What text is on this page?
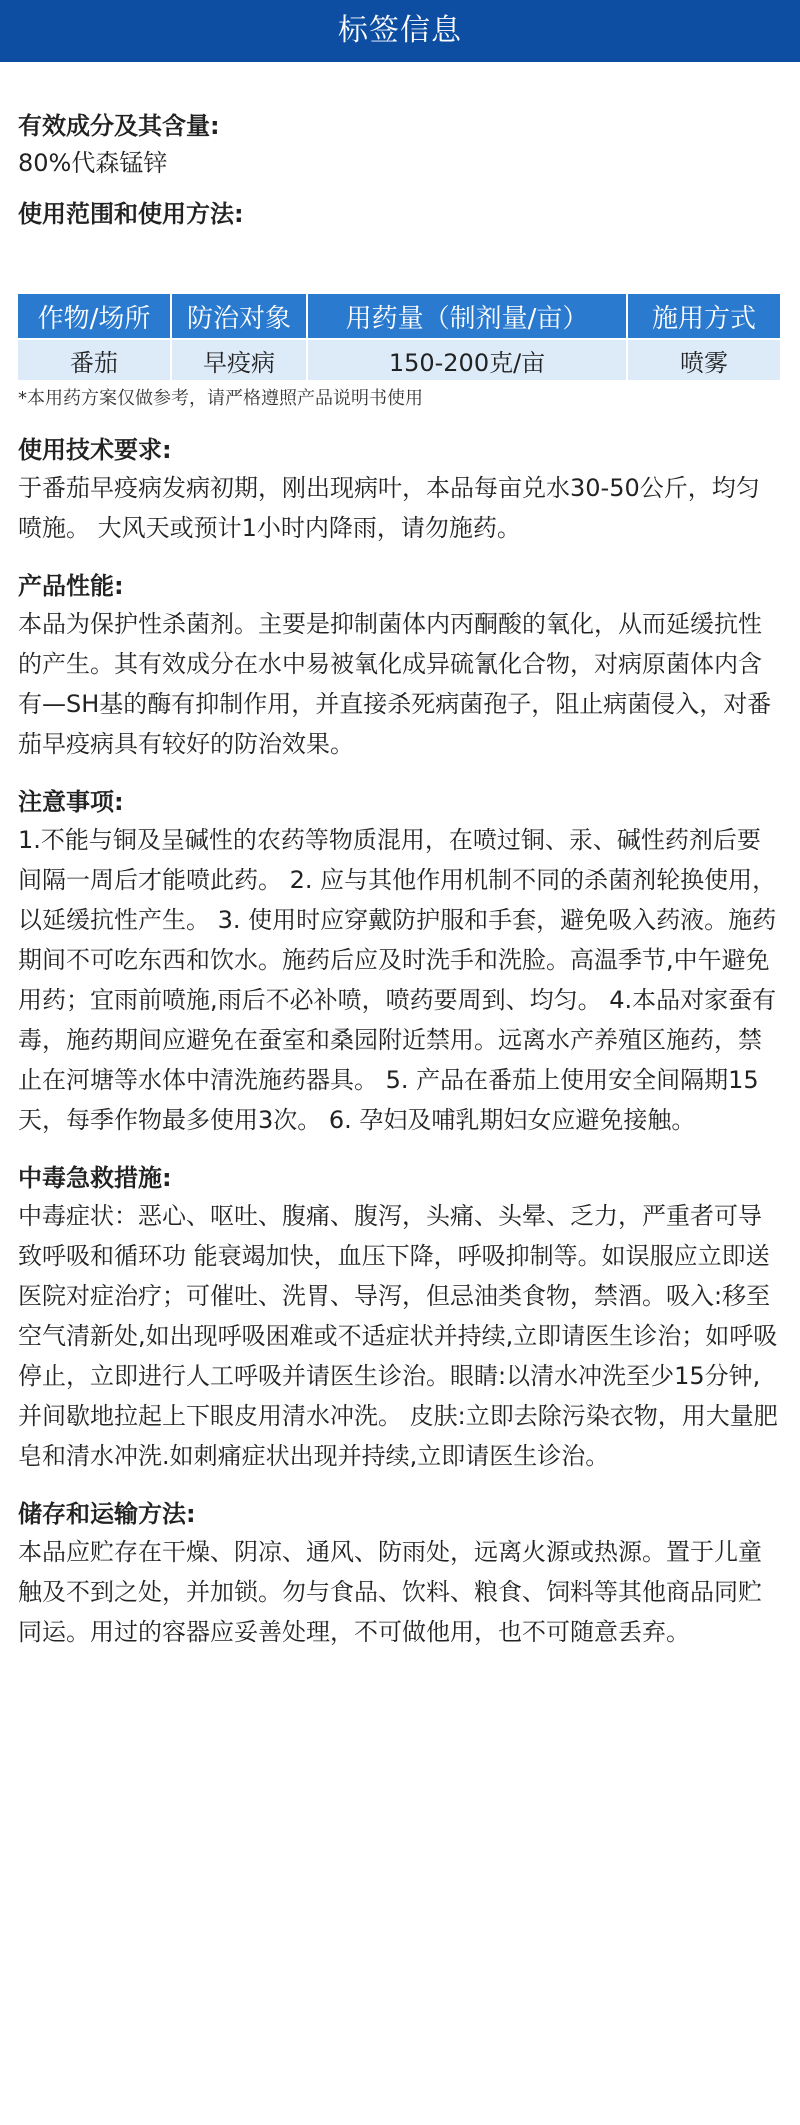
标签信息

有效成分及其含量:

80%代森锰锌

使用范围和使用方法:

作物/场所	防治对象	用药量（制剂量/亩）	施用方式
番茄	早疫病	150-200克/亩	喷雾
*本用药方案仅做参考，请严格遵照产品说明书使用

使用技术要求:

于番茄早疫病发病初期，刚出现病叶，本品每亩兑水30-50公斤，均匀喷施。 大风天或预计1小时内降雨，请勿施药。

产品性能:

本品为保护性杀菌剂。主要是抑制菌体内丙酮酸的氧化，从而延缓抗性的产生。其有效成分在水中易被氧化成异硫氰化合物，对病原菌体内含有—SH基的酶有抑制作用，并直接杀死病菌孢子，阻止病菌侵入，对番茄早疫病具有较好的防治效果。

注意事项:

1.不能与铜及呈碱性的农药等物质混用，在喷过铜、汞、碱性药剂后要间隔一周后才能喷此药。 2. 应与其他作用机制不同的杀菌剂轮换使用，以延缓抗性产生。 3. 使用时应穿戴防护服和手套，避免吸入药液。施药期间不可吃东西和饮水。施药后应及时洗手和洗脸。高温季节,中午避免用药；宜雨前喷施,雨后不必补喷，喷药要周到、均匀。 4.本品对家蚕有毒，施药期间应避免在蚕室和桑园附近禁用。远离水产养殖区施药，禁止在河塘等水体中清洗施药器具。 5. 产品在番茄上使用安全间隔期15天，每季作物最多使用3次。 6. 孕妇及哺乳期妇女应避免接触。

中毒急救措施:

中毒症状：恶心、呕吐、腹痛、腹泻，头痛、头晕、乏力，严重者可导致呼吸和循环功 能衰竭加快，血压下降，呼吸抑制等。如误服应立即送医院对症治疗；可催吐、洗胃、导泻，但忌油类食物，禁酒。吸入:移至空气清新处,如出现呼吸困难或不适症状并持续,立即请医生诊治；如呼吸停止，立即进行人工呼吸并请医生诊治。眼睛:以清水冲洗至少15分钟,并间歇地拉起上下眼皮用清水冲洗。 皮肤:立即去除污染衣物，用大量肥皂和清水冲洗.如刺痛症状出现并持续,立即请医生诊治。

储存和运输方法:

本品应贮存在干燥、阴凉、通风、防雨处，远离火源或热源。置于儿童触及不到之处，并加锁。勿与食品、饮料、粮食、饲料等其他商品同贮同运。用过的容器应妥善处理，不可做他用，也不可随意丢弃。
